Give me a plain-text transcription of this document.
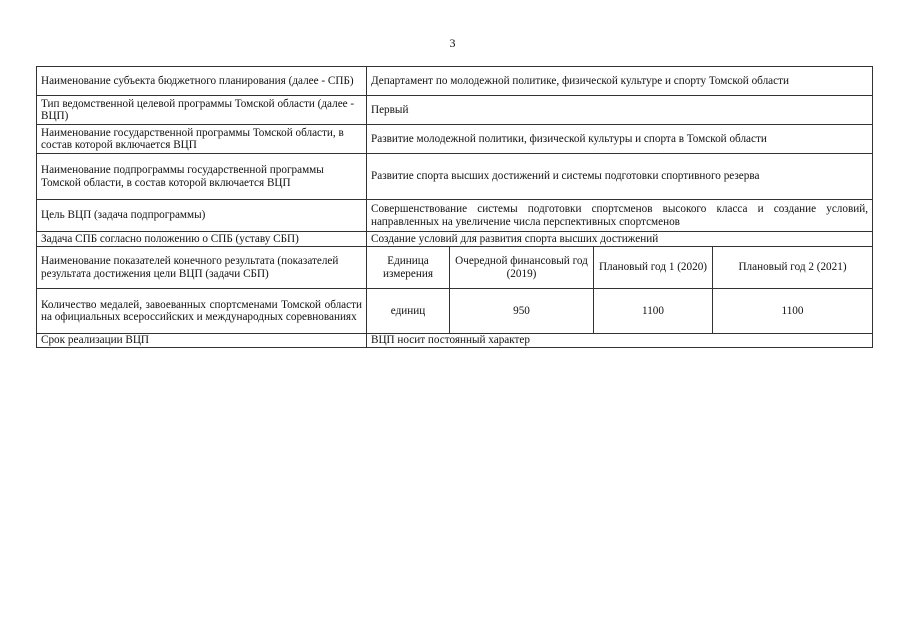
3
Наименование субъекта бюджетного планирования (далее - СПБ)	Департамент по молодежной политике, физической культуре и спорту Томской области			
Тип ведомственной целевой программы Томской области (далее - ВЦП)	Первый			
Наименование государственной программы Томской области, в состав которой включается ВЦП	Развитие молодежной политики, физической культуры и спорта в Томской области			
Наименование подпрограммы государственной программы Томской области, в состав которой включается ВЦП	Развитие спорта высших достижений и системы подготовки спортивного резерва			
Цель ВЦП (задача подпрограммы)	Совершенствование системы подготовки спортсменов высокого класса и создание условий, направленных на увеличение числа перспективных спортсменов			
Задача СПБ согласно положению о СПБ (уставу СБП)	Создание условий для развития спорта высших достижений			
Наименование показателей конечного результата (показателей результата достижения цели ВЦП (задачи СБП)	Единица измерения	Очередной финансовый год (2019)	Плановый год 1 (2020)	Плановый год 2 (2021)
Количество медалей, завоеванных спортсменами Томской области на официальных всероссийских и международных соревнованиях	единиц	950	1100	1100
Срок реализации ВЦП	ВЦП носит постоянный характер			
